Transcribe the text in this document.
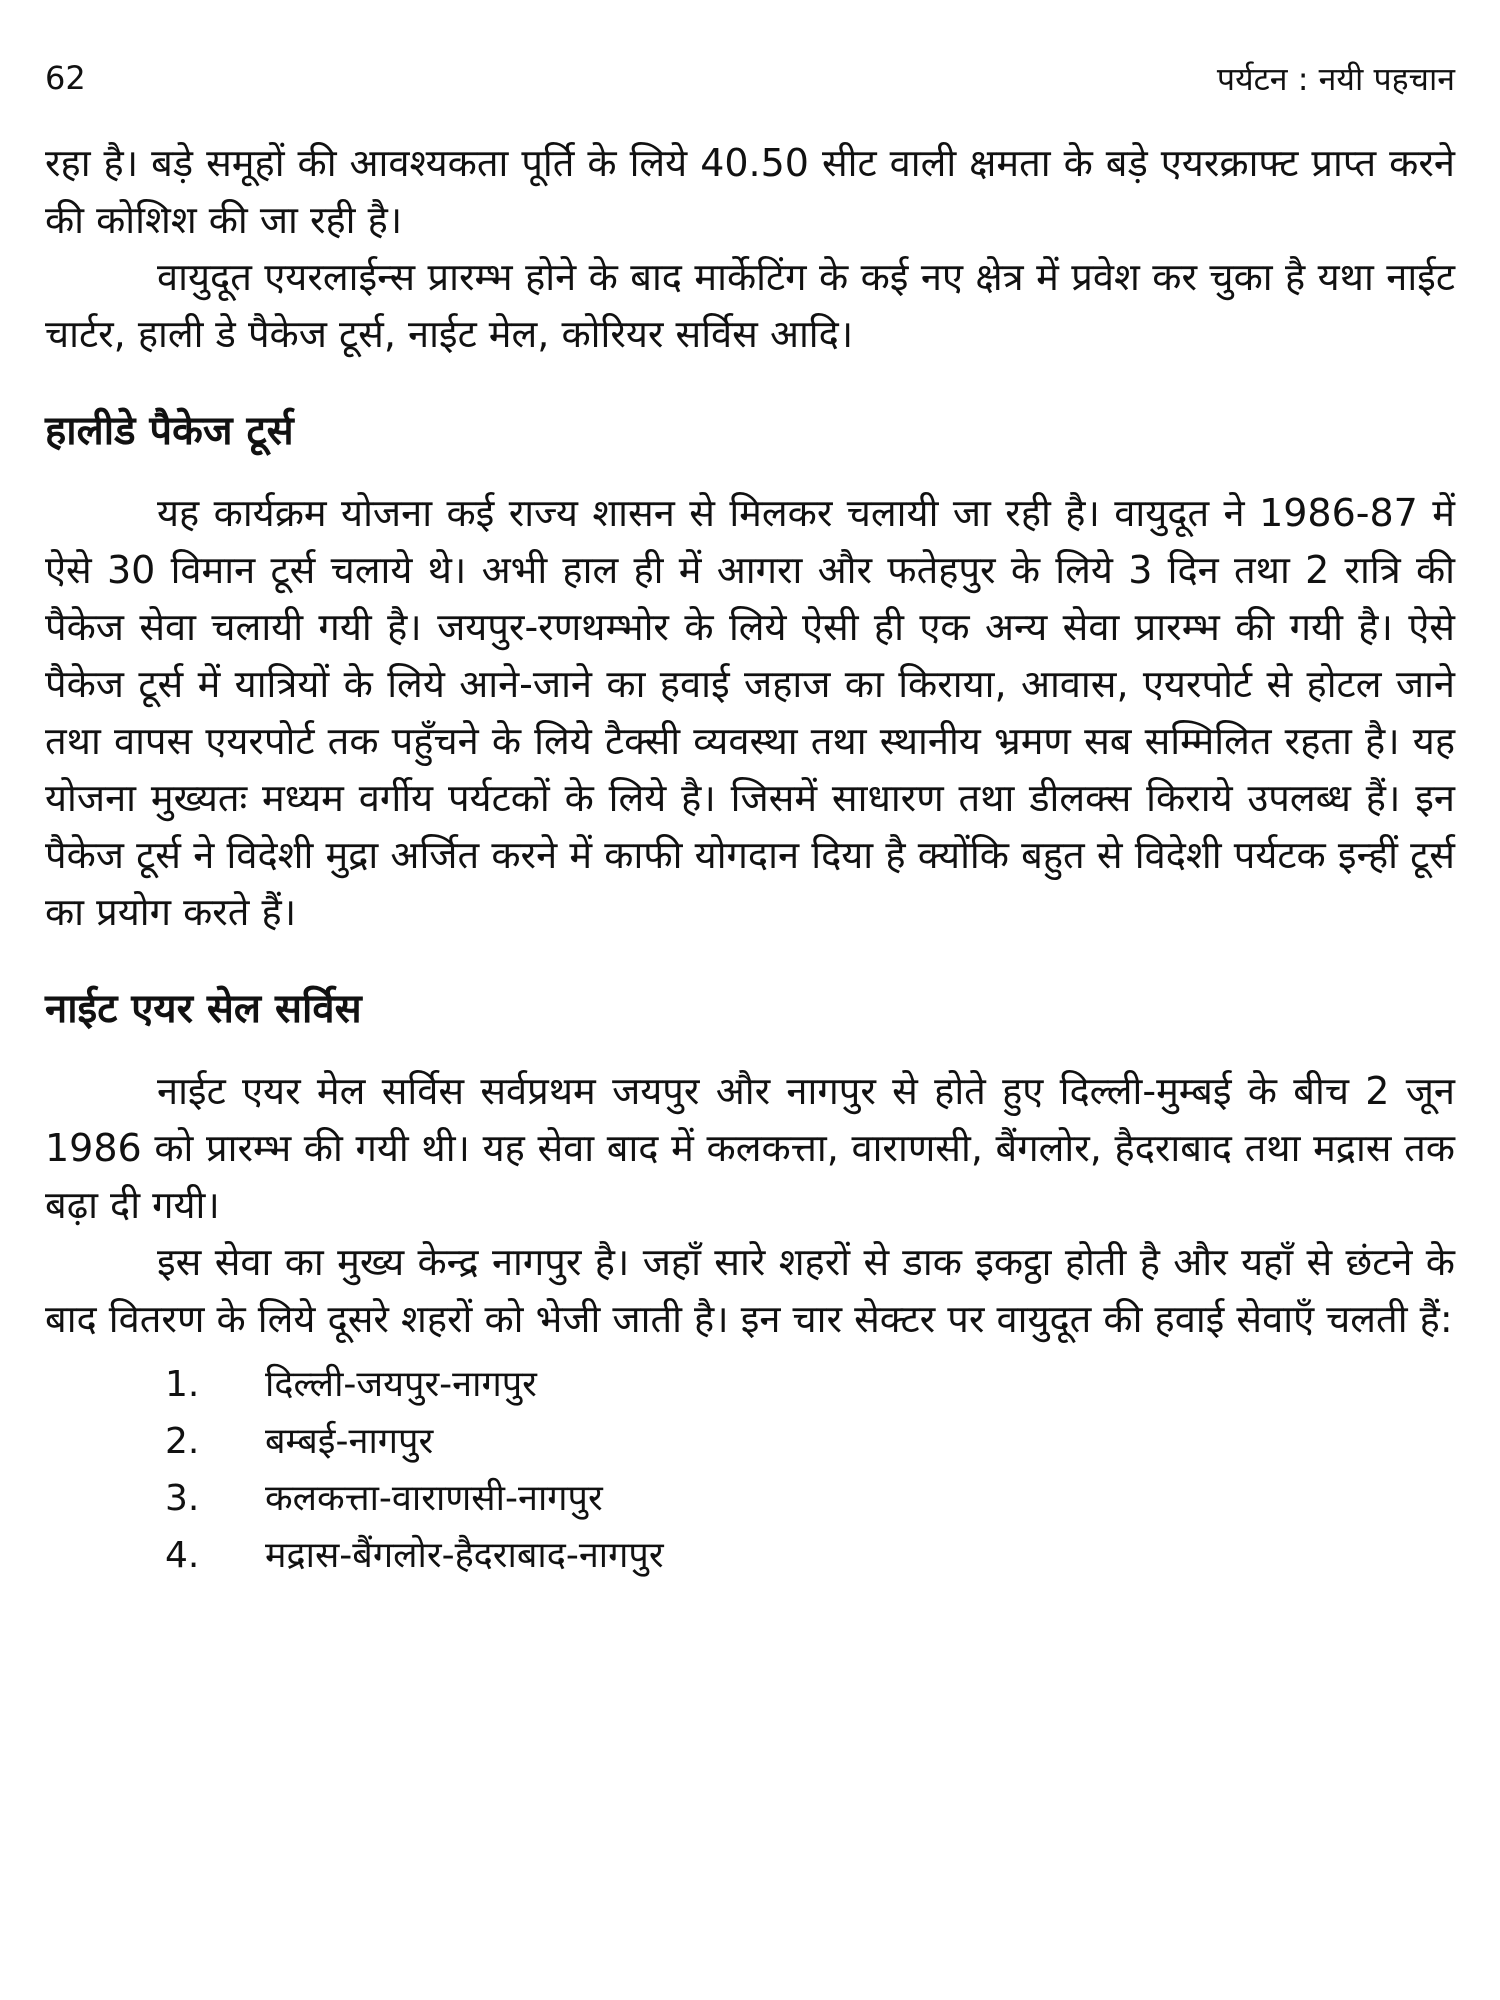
62	पर्यटन : नयी पहचान

रहा है। बड़े समूहों की आवश्यकता पूर्ति के लिये 40.50 सीट वाली क्षमता के बड़े एयरक्राफ्ट प्राप्त करने की कोशिश की जा रही है।

वायुदूत एयरलाईन्स प्रारम्भ होने के बाद मार्केटिंग के कई नए क्षेत्र में प्रवेश कर चुका है यथा नाईट चार्टर, हाली डे पैकेज टूर्स, नाईट मेल, कोरियर सर्विस आदि।

हालीडे पैकेज टूर्स

यह कार्यक्रम योजना कई राज्य शासन से मिलकर चलायी जा रही है। वायुदूत ने 1986-87 में ऐसे 30 विमान टूर्स चलाये थे। अभी हाल ही में आगरा और फतेहपुर के लिये 3 दिन तथा 2 रात्रि की पैकेज सेवा चलायी गयी है। जयपुर-रणथम्भोर के लिये ऐसी ही एक अन्य सेवा प्रारम्भ की गयी है। ऐसे पैकेज टूर्स में यात्रियों के लिये आने-जाने का हवाई जहाज का किराया, आवास, एयरपोर्ट से होटल जाने तथा वापस एयरपोर्ट तक पहुँचने के लिये टैक्सी व्यवस्था तथा स्थानीय भ्रमण सब सम्मिलित रहता है। यह योजना मुख्यतः मध्यम वर्गीय पर्यटकों के लिये है। जिसमें साधारण तथा डीलक्स किराये उपलब्ध हैं। इन पैकेज टूर्स ने विदेशी मुद्रा अर्जित करने में काफी योगदान दिया है क्योंकि बहुत से विदेशी पर्यटक इन्हीं टूर्स का प्रयोग करते हैं।

नाईट एयर सेल सर्विस

नाईट एयर मेल सर्विस सर्वप्रथम जयपुर और नागपुर से होते हुए दिल्ली-मुम्बई के बीच 2 जून 1986 को प्रारम्भ की गयी थी। यह सेवा बाद में कलकत्ता, वाराणसी, बैंगलोर, हैदराबाद तथा मद्रास तक बढ़ा दी गयी।

इस सेवा का मुख्य केन्द्र नागपुर है। जहाँ सारे शहरों से डाक इकट्ठा होती है और यहाँ से छंटने के बाद वितरण के लिये दूसरे शहरों को भेजी जाती है। इन चार सेक्टर पर वायुदूत की हवाई सेवाएँ चलती हैं:

1.	दिल्ली-जयपुर-नागपुर
2.	बम्बई-नागपुर
3.	कलकत्ता-वाराणसी-नागपुर
4.	मद्रास-बैंगलोर-हैदराबाद-नागपुर
